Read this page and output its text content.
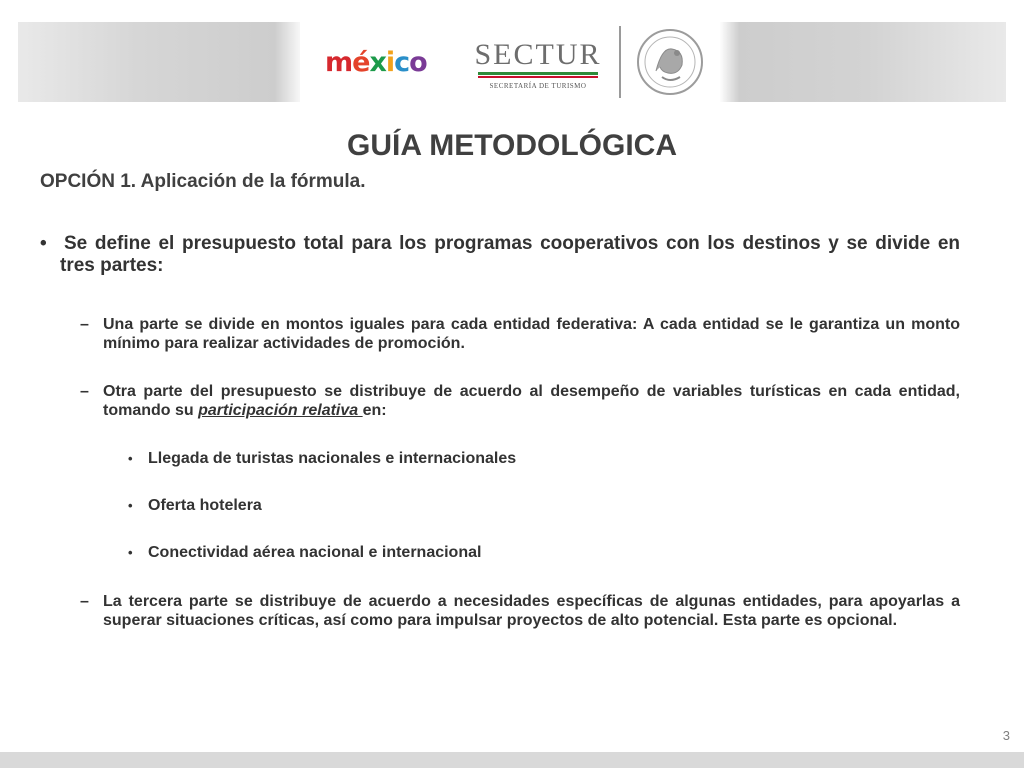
méxico SECTUR
SECRETARÍA DE TURISMO
GUÍA METODOLÓGICA
OPCIÓN 1. Aplicación de la fórmula.
• Se define el presupuesto total para los programas cooperativos con los destinos y se divide en tres partes:
– Una parte se divide en montos iguales para cada entidad federativa: A cada entidad se le garantiza un monto mínimo para realizar actividades de promoción.
– Otra parte del presupuesto se distribuye de acuerdo al desempeño de variables turísticas en cada entidad, tomando su participación relativa en:
• Llegada de turistas nacionales e internacionales
• Oferta hotelera
• Conectividad aérea nacional e internacional
– La tercera parte se distribuye de acuerdo a necesidades específicas de algunas entidades, para apoyarlas a superar situaciones críticas, así como para impulsar proyectos de alto potencial. Esta parte es opcional.
3
